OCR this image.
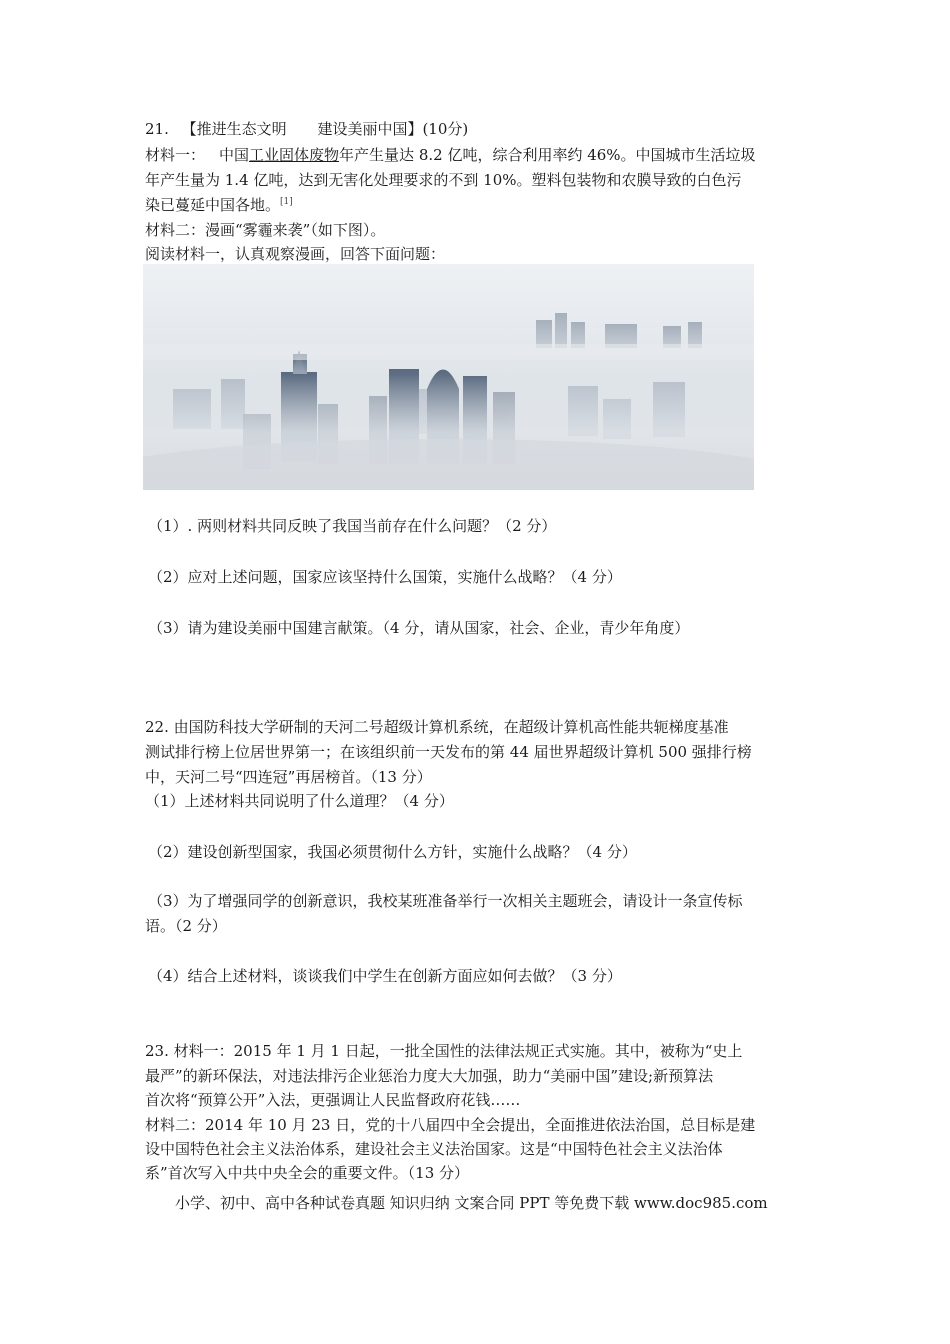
21. 【推进生态文明 建设美丽中国】(10分)
材料一： 中国工业固体废物年产生量达 8.2 亿吨，综合利用率约 46%。中国城市生活垃圾
年产生量为 1.4 亿吨，达到无害化处理要求的不到 10%。塑料包装物和农膜导致的白色污
染已蔓延中国各地。[1]
材料二：漫画“雾霾来袭”（如下图）。
阅读材料一，认真观察漫画，回答下面问题：
（1）. 两则材料共同反映了我国当前存在什么问题？（2 分）
（2）应对上述问题，国家应该坚持什么国策，实施什么战略？（4 分）
（3）请为建设美丽中国建言献策。（4 分，请从国家，社会、企业，青少年角度）
22. 由国防科技大学研制的天河二号超级计算机系统，在超级计算机高性能共轭梯度基准
测试排行榜上位居世界第一；在该组织前一天发布的第 44 届世界超级计算机 500 强排行榜
中，天河二号“四连冠”再居榜首。（13 分）
（1）上述材料共同说明了什么道理？（4 分）
（2）建设创新型国家，我国必须贯彻什么方针，实施什么战略？（4 分）
（3）为了增强同学的创新意识，我校某班准备举行一次相关主题班会，请设计一条宣传标
语。（2 分）
（4）结合上述材料，谈谈我们中学生在创新方面应如何去做？（3 分）
23. 材料一：2015 年 1 月 1 日起，一批全国性的法律法规正式实施。其中，被称为“史上
最严”的新环保法，对违法排污企业惩治力度大大加强，助力“美丽中国”建设;新预算法
首次将“预算公开”入法，更强调让人民监督政府花钱……
材料二：2014 年 10 月 23 日，党的十八届四中全会提出，全面推进依法治国，总目标是建
设中国特色社会主义法治体系，建设社会主义法治国家。这是“中国特色社会主义法治体
系”首次写入中共中央全会的重要文件。（13 分）
小学、初中、高中各种试卷真题 知识归纳 文案合同 PPT 等免费下载 www.doc985.com
